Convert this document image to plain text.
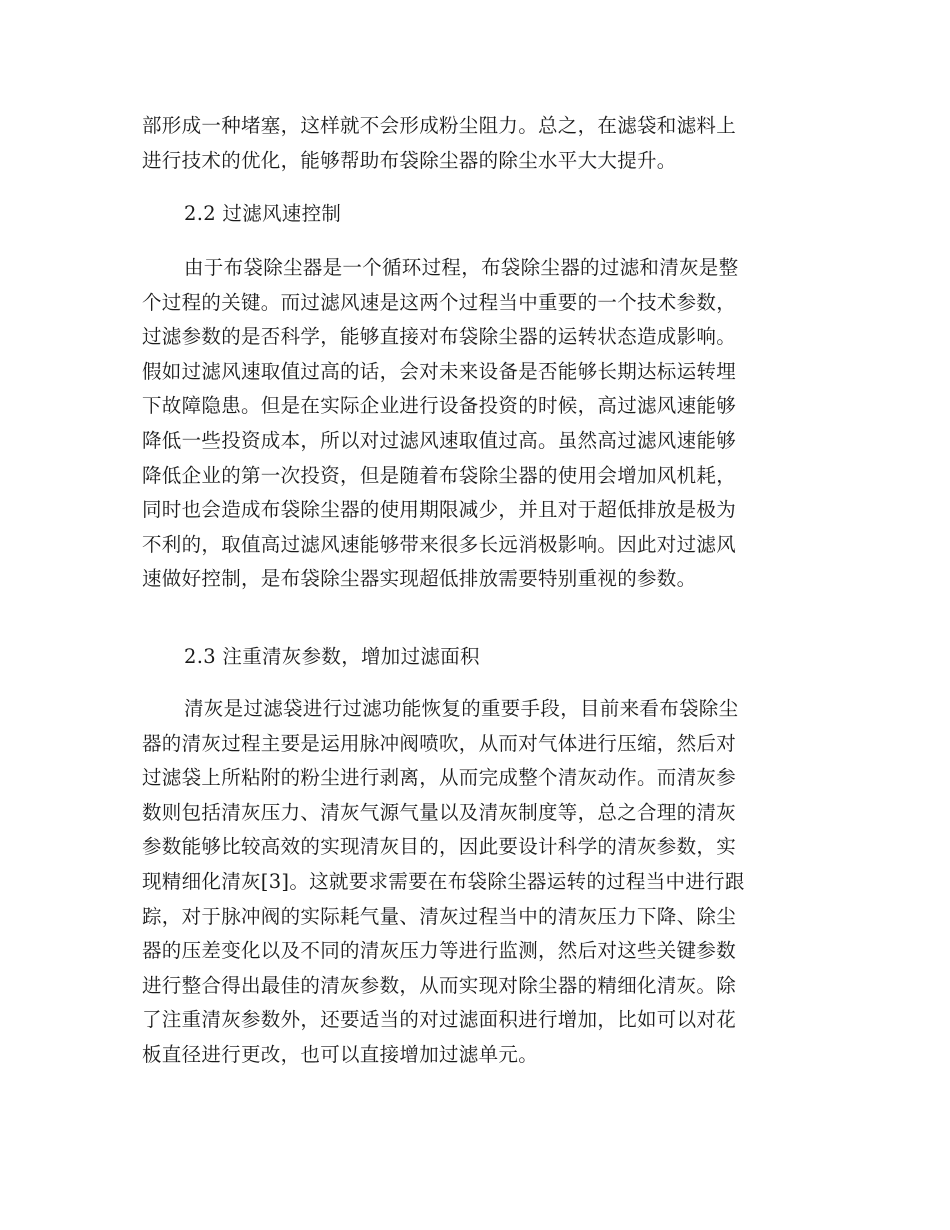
部形成一种堵塞，这样就不会形成粉尘阻力。总之，在滤袋和滤料上
进行技术的优化，能够帮助布袋除尘器的除尘水平大大提升。
2.2 过滤风速控制
由于布袋除尘器是一个循环过程，布袋除尘器的过滤和清灰是整
个过程的关键。而过滤风速是这两个过程当中重要的一个技术参数，
过滤参数的是否科学，能够直接对布袋除尘器的运转状态造成影响。
假如过滤风速取值过高的话，会对未来设备是否能够长期达标运转埋
下故障隐患。但是在实际企业进行设备投资的时候，高过滤风速能够
降低一些投资成本，所以对过滤风速取值过高。虽然高过滤风速能够
降低企业的第一次投资，但是随着布袋除尘器的使用会增加风机耗，
同时也会造成布袋除尘器的使用期限减少，并且对于超低排放是极为
不利的，取值高过滤风速能够带来很多长远消极影响。因此对过滤风
速做好控制，是布袋除尘器实现超低排放需要特别重视的参数。
2.3 注重清灰参数，增加过滤面积
清灰是过滤袋进行过滤功能恢复的重要手段，目前来看布袋除尘
器的清灰过程主要是运用脉冲阀喷吹，从而对气体进行压缩，然后对
过滤袋上所粘附的粉尘进行剥离，从而完成整个清灰动作。而清灰参
数则包括清灰压力、清灰气源气量以及清灰制度等，总之合理的清灰
参数能够比较高效的实现清灰目的，因此要设计科学的清灰参数，实
现精细化清灰[3]。这就要求需要在布袋除尘器运转的过程当中进行跟
踪，对于脉冲阀的实际耗气量、清灰过程当中的清灰压力下降、除尘
器的压差变化以及不同的清灰压力等进行监测，然后对这些关键参数
进行整合得出最佳的清灰参数，从而实现对除尘器的精细化清灰。除
了注重清灰参数外，还要适当的对过滤面积进行增加，比如可以对花
板直径进行更改，也可以直接增加过滤单元。
